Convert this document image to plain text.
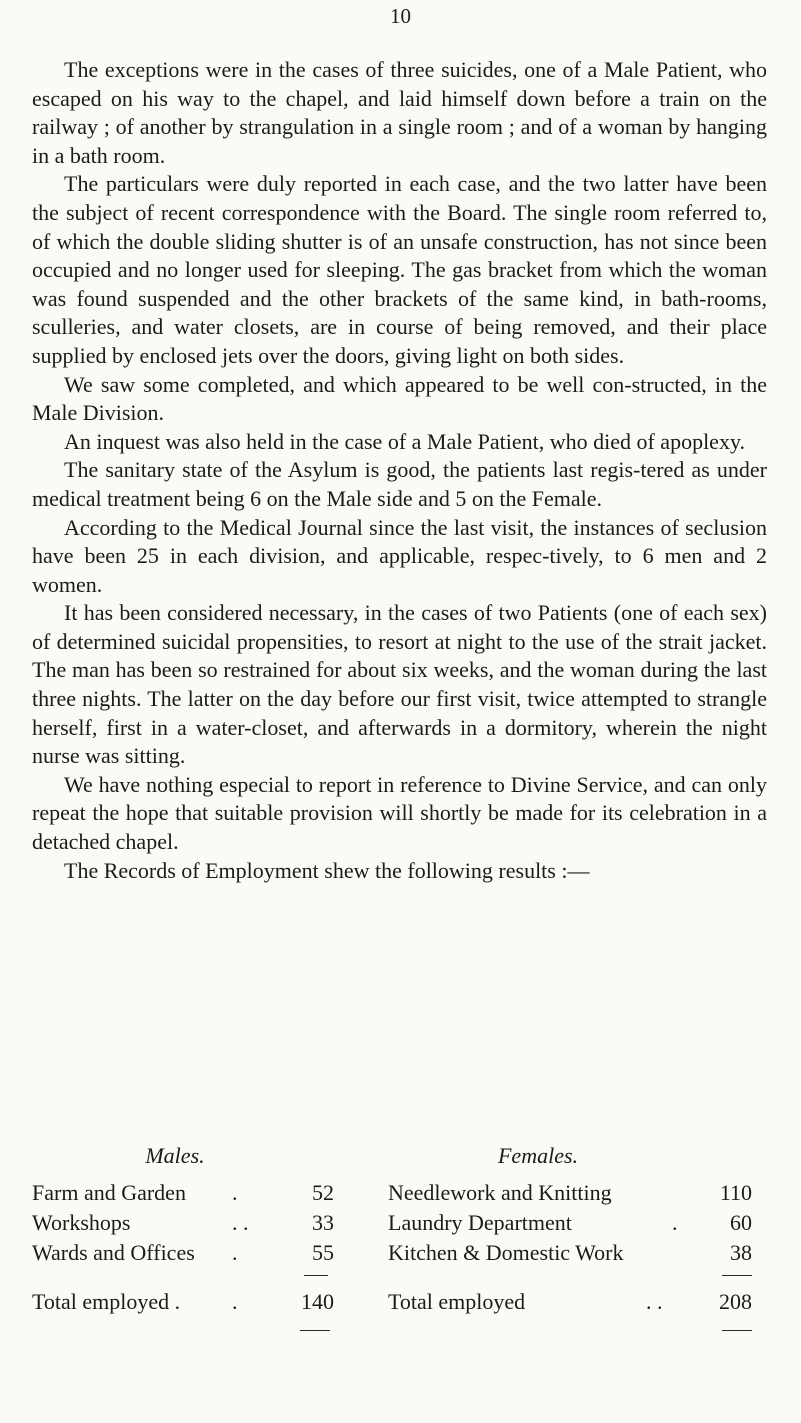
10

The exceptions were in the cases of three suicides, one of a Male Patient, who escaped on his way to the chapel, and laid himself down before a train on the railway ; of another by strangulation in a single room ; and of a woman by hanging in a bath room.

The particulars were duly reported in each case, and the two latter have been the subject of recent correspondence with the Board. The single room referred to, of which the double sliding shutter is of an unsafe construction, has not since been occupied and no longer used for sleeping. The gas bracket from which the woman was found suspended and the other brackets of the same kind, in bath-rooms, sculleries, and water closets, are in course of being removed, and their place supplied by enclosed jets over the doors, giving light on both sides.

We saw some completed, and which appeared to be well con-structed, in the Male Division.

An inquest was also held in the case of a Male Patient, who died of apoplexy.

The sanitary state of the Asylum is good, the patients last regis-tered as under medical treatment being 6 on the Male side and 5 on the Female.

According to the Medical Journal since the last visit, the instances of seclusion have been 25 in each division, and applicable, respec-tively, to 6 men and 2 women.

It has been considered necessary, in the cases of two Patients (one of each sex) of determined suicidal propensities, to resort at night to the use of the strait jacket. The man has been so restrained for about six weeks, and the woman during the last three nights. The latter on the day before our first visit, twice attempted to strangle herself, first in a water-closet, and afterwards in a dormitory, wherein the night nurse was sitting.

We have nothing especial to report in reference to Divine Service, and can only repeat the hope that suitable provision will shortly be made for its celebration in a detached chapel.

The Records of Employment shew the following results :—

Males.
Farm and Garden .	52
Workshops	. .	33
Wards and Offices .	55
Total employed . .	140
Females.
Needlework and Knitting	110
Laundry Department	.	60
Kitchen & Domestic Work	38
Total employed	. .	208
